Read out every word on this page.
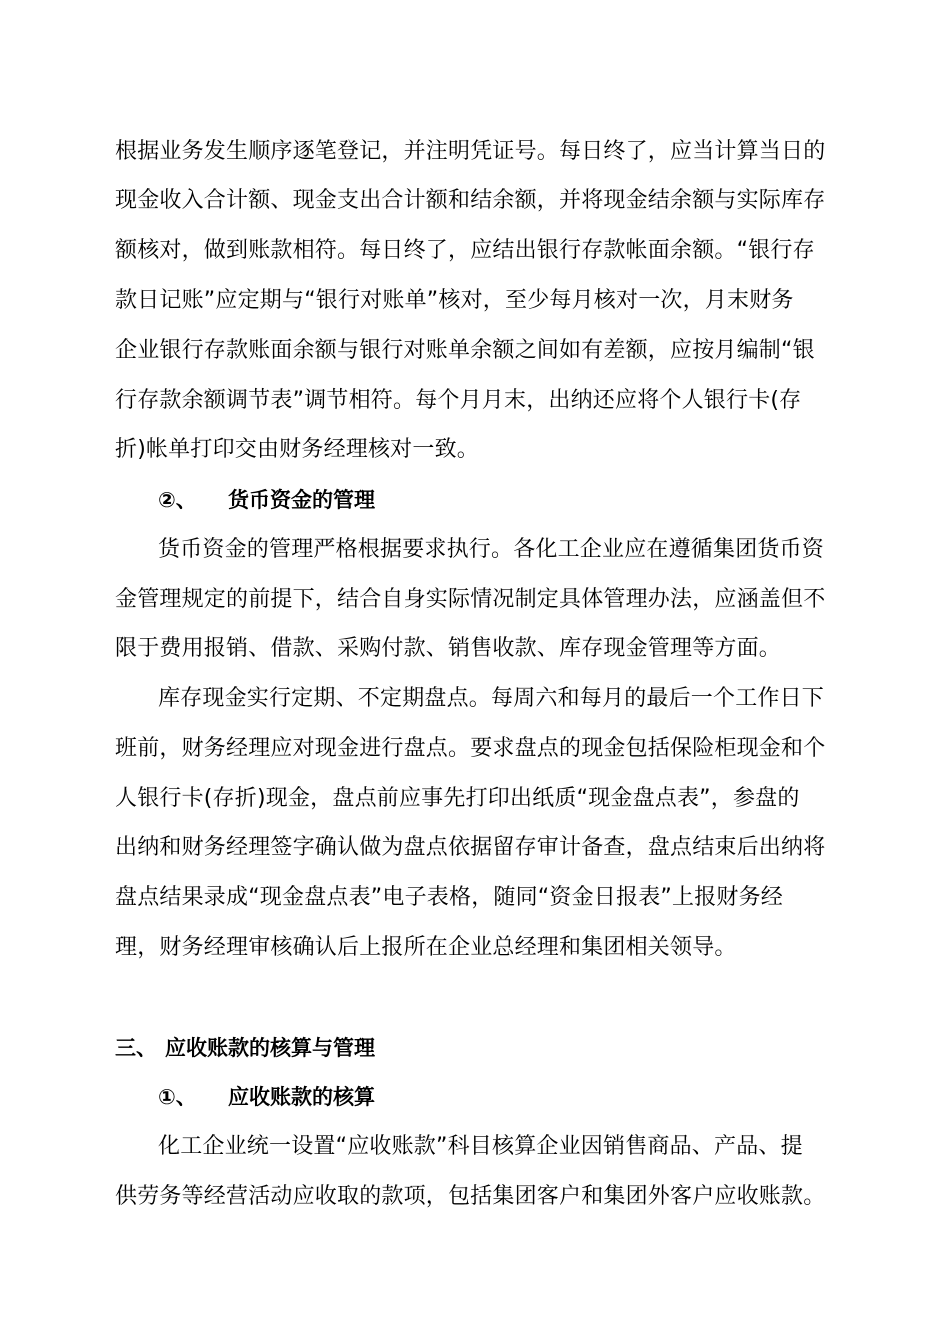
根据业务发生顺序逐笔登记，并注明凭证号。每日终了，应当计算当日的
现金收入合计额、现金支出合计额和结余额，并将现金结余额与实际库存
额核对，做到账款相符。每日终了，应结出银行存款帐面余额。“银行存
款日记账”应定期与“银行对账单”核对，至少每月核对一次，月末财务
企业银行存款账面余额与银行对账单余额之间如有差额，应按月编制“银
行存款余额调节表”调节相符。每个月月末，出纳还应将个人银行卡(存
折)帐单打印交由财务经理核对一致。
②、 货币资金的管理
货币资金的管理严格根据要求执行。各化工企业应在遵循集团货币资
金管理规定的前提下，结合自身实际情况制定具体管理办法，应涵盖但不
限于费用报销、借款、采购付款、销售收款、库存现金管理等方面。
库存现金实行定期、不定期盘点。每周六和每月的最后一个工作日下
班前，财务经理应对现金进行盘点。要求盘点的现金包括保险柜现金和个
人银行卡(存折)现金，盘点前应事先打印出纸质“现金盘点表”，参盘的
出纳和财务经理签字确认做为盘点依据留存审计备查，盘点结束后出纳将
盘点结果录成“现金盘点表”电子表格，随同“资金日报表”上报财务经
理，财务经理审核确认后上报所在企业总经理和集团相关领导。
三、 应收账款的核算与管理
①、 应收账款的核算
化工企业统一设置“应收账款”科目核算企业因销售商品、产品、提
供劳务等经营活动应收取的款项，包括集团客户和集团外客户应收账款。
